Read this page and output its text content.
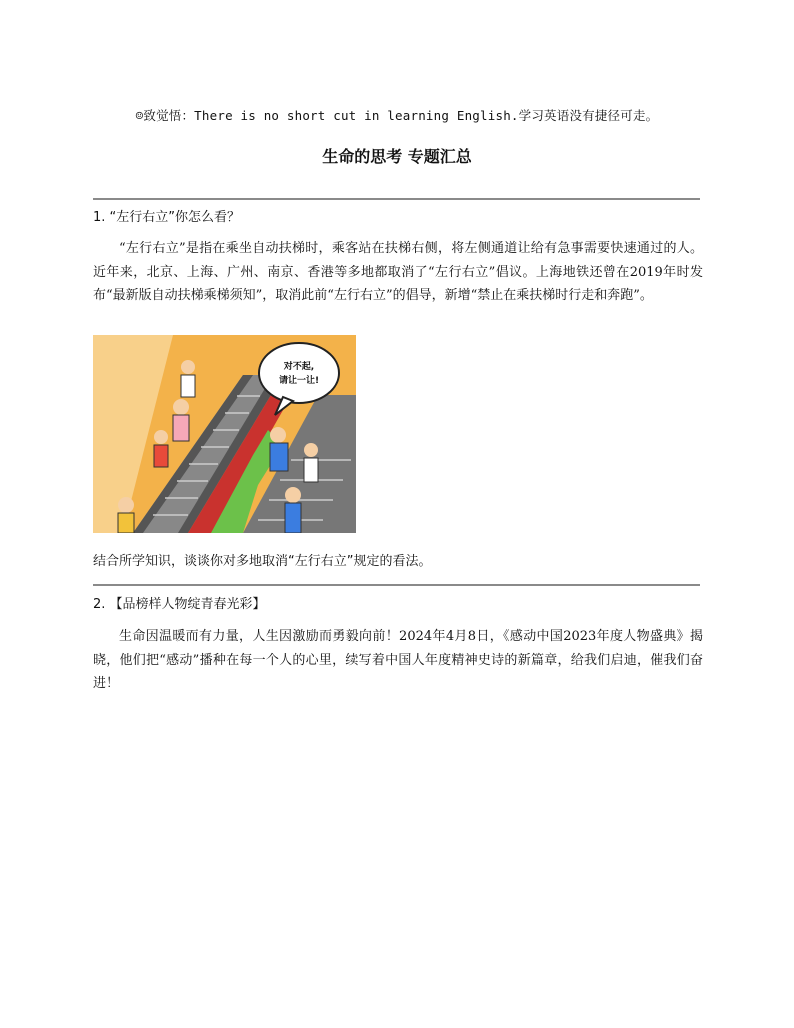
☺致觉悟：There is no short cut in learning English.学习英语没有捷径可走。
生命的思考 专题汇总
1. “左行右立”你怎么看？

“左行右立”是指在乘坐自动扶梯时，乘客站在扶梯右侧，将左侧通道让给有急事需要快速通过的人。近年来，北京、上海、广州、南京、香港等多地都取消了“左行右立”倡议。上海地铁还曾在2019年时发布“最新版自动扶梯乘梯须知”，取消此前“左行右立”的倡导，新增“禁止在乘扶梯时行走和奔跑”。

对不起,
请让一让!
结合所学知识，谈谈你对多地取消“左行右立”规定的看法。
2. 【品榜样人物绽青春光彩】

生命因温暖而有力量，人生因激励而勇毅向前！2024年4月8日，《感动中国2023年度人物盛典》揭晓，他们把“感动”播种在每一个人的心里，续写着中国人年度精神史诗的新篇章，给我们启迪，催我们奋进！
